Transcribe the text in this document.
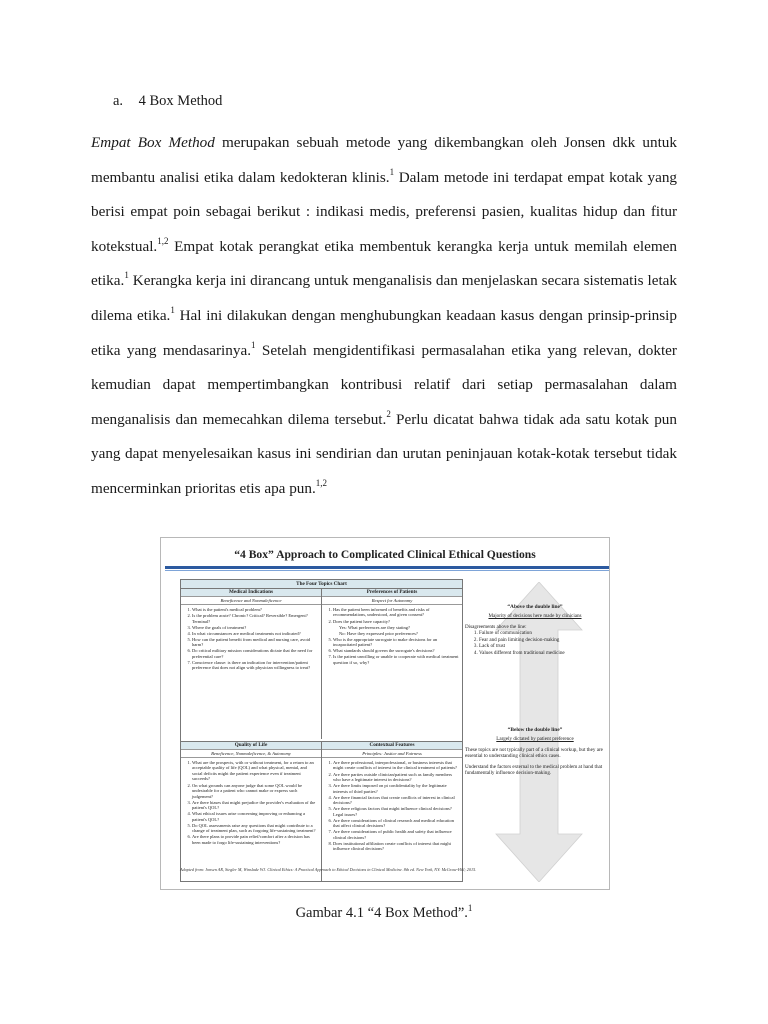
a. 4 Box Method
Empat Box Method merupakan sebuah metode yang dikembangkan oleh Jonsen dkk untuk
membantu analisi etika dalam kedokteran klinis.$^1$ Dalam metode ini terdapat empat kotak yang
berisi empat poin sebagai berikut : indikasi medis, preferensi pasien, kualitas hidup dan fitur
kotekstual.$^{1,2}$ Empat kotak perangkat etika membentuk kerangka kerja untuk memilah elemen
etika.$^1$ Kerangka kerja ini dirancang untuk menganalisis dan menjelaskan secara sistematis letak
dilema etika.$^1$ Hal ini dilakukan dengan menghubungkan keadaan kasus dengan prinsip-prinsip
etika yang mendasarinya.$^1$ Setelah mengidentifikasi permasalahan etika yang relevan, dokter
kemudian dapat mempertimbangkan kontribusi relatif dari setiap permasalahan dalam
menganalisis dan memecahkan dilema tersebut.$^2$ Perlu dicatat bahwa tidak ada satu kotak pun
yang dapat menyelesaikan kasus ini sendirian dan urutan peninjauan kotak-kotak tersebut tidak
mencerminkan prioritas etis apa pun.$^{1,2}$
“4 Box” Approach to Complicated Clinical Ethical Questions
The Four Topics Chart
Medical Indications
Beneficence and Nonmaleficence
1. What is the patient's medical problem?
2. Is the problem acute? Chronic? Critical? Reversible? Emergent? Terminal?
3. Where the goals of treatment?
4. In what circumstances are medical treatments not indicated?
5. How can the patient benefit from medical and nursing care, avoid harm?
6. Do critical military mission considerations dictate that the need for preferential care?
7. Conscience clause: is there an indication for intervention/patient preference that does not align with physician willingness to treat?
Preferences of Patients
Respect for Autonomy
1. Has the patient been informed of benefits and risks of recommendations, understood, and given consent?
2. Does the patient have capacity?
Yes: What preferences are they stating?
No: Have they expressed prior preferences?
5. Who is the appropriate surrogate to make decisions for an incapacitated patient?
6. What standards should govern the surrogate's decisions?
7. Is the patient unwilling or unable to cooperate with medical treatment question if so, why?
Quality of Life
Beneficence, Nonmaleficence, & Autonomy
1. What are the prospects, with or without treatment, for a return to an acceptable quality of life (QOL) and what physical, mental, and social deficits might the patient experience even if treatment succeeds?
2. On what grounds can anyone judge that some QOL would be undesirable for a patient who cannot make or express such judgement?
3. Are there biases that might prejudice the provider's evaluation of the patient's QOL?
4. What ethical issues arise concerning improving or enhancing a patient's QOL?
5. Do QOL assessments raise any questions that might contribute to a change of treatment plan, such as forgoing life-sustaining treatment?
6. Are there plans to provide pain relief/comfort after a decision has been made to forgo life-sustaining interventions?
Contextual Features
Principles: Justice and Fairness
1. Are there professional, interprofessional, or business interests that might create conflicts of interest in the clinical treatment of patients?
2. Are there parties outside clinician/patient such as family members who have a legitimate interest in decisions?
3. Are there limits imposed on pt confidentiality by the legitimate interests of third parties?
4. Are there financial factors that create conflicts of interest in clinical decisions?
5. Are there religious factors that might influence clinical decisions? Legal issues?
6. Are there considerations of clinical research and medical education that affect clinical decisions?
7. Are there considerations of public health and safety that influence clinical decisions?
8. Does institutional affiliation create conflicts of interest that might influence clinical decisions?
“Above the double line”
Majority of decisions here made by clinicians
Disagreements above the line:
1. Failure of communication
2. Fear and pain limiting decision-making
3. Lack of trust
4. Values different from traditional medicine
“Below the double line”
Largely dictated by patient preference

These topics are not typically part of a clinical workup, but they are essential to understanding clinical ethics cases.

Understand the factors external to the medical problem at hand that fundamentally influence decision-making.

Adapted from: Jonsen AR, Siegler M, Winslade WJ. Clinical Ethics: A Practical Approach to Ethical Decisions in Clinical Medicine. 8th ed. New York, NY: McGraw-Hill; 2015.
Gambar 4.1 “4 Box Method”.$^1$
